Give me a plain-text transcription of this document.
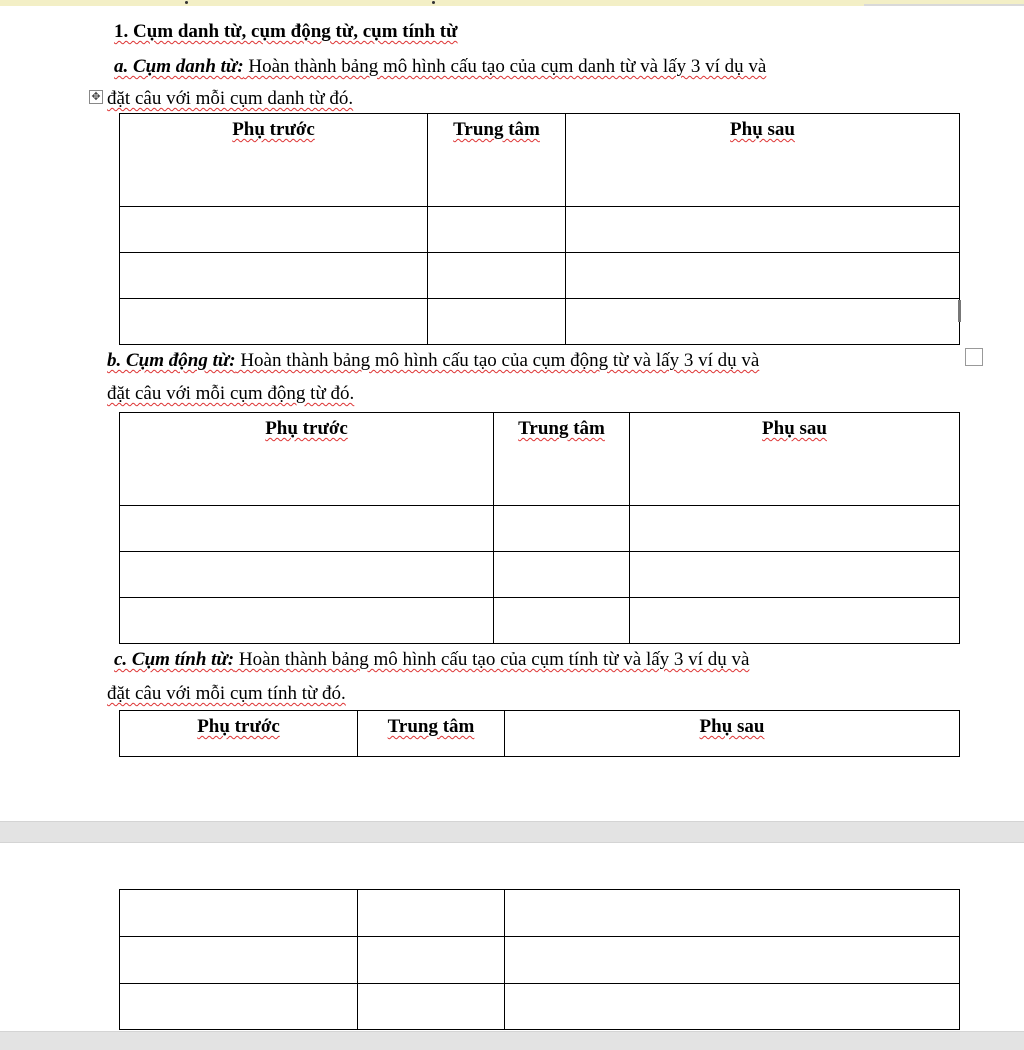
1. Cụm danh từ, cụm động từ, cụm tính từ
a. Cụm danh từ: Hoàn thành bảng mô hình cấu tạo của cụm danh từ và lấy 3 ví dụ và
✥ đặt câu với mỗi cụm danh từ đó.
Phụ trước	Trung tâm	Phụ sau

b. Cụm động từ: Hoàn thành bảng mô hình cấu tạo của cụm động từ và lấy 3 ví dụ và
đặt câu với mỗi cụm động từ đó.
Phụ trước	Trung tâm	Phụ sau

c. Cụm tính từ: Hoàn thành bảng mô hình cấu tạo của cụm tính từ và lấy 3 ví dụ và
đặt câu với mỗi cụm tính từ đó.
Phụ trước	Trung tâm	Phụ sau
